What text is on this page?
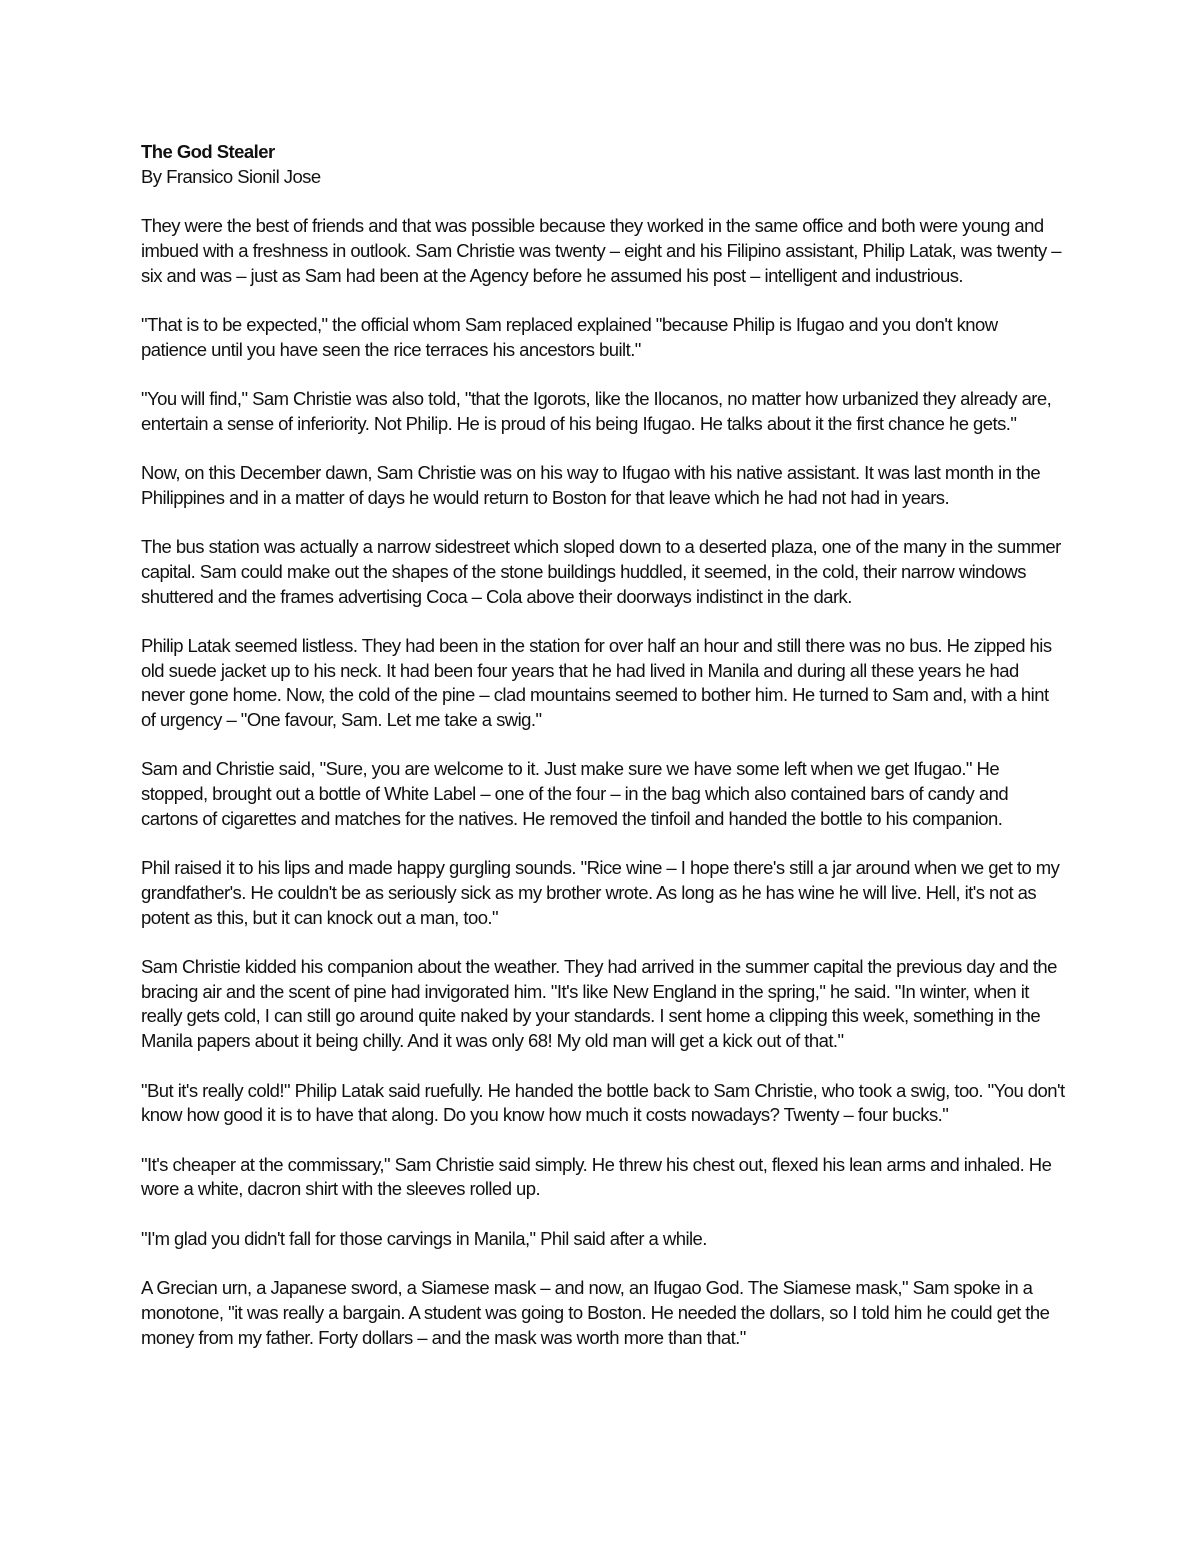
The God Stealer

By Fransico Sionil Jose

They were the best of friends and that was possible because they worked in the same office and both were young and imbued with a freshness in outlook. Sam Christie was twenty – eight and his Filipino assistant, Philip Latak, was twenty – six and was – just as Sam had been at the Agency before he assumed his post – intelligent and industrious.

"That is to be expected," the official whom Sam replaced explained "because Philip is Ifugao and you don't know patience until you have seen the rice terraces his ancestors built."

"You will find," Sam Christie was also told, "that the Igorots, like the Ilocanos, no matter how urbanized they already are, entertain a sense of inferiority. Not Philip. He is proud of his being Ifugao. He talks about it the first chance he gets."

Now, on this December dawn, Sam Christie was on his way to Ifugao with his native assistant. It was last month in the Philippines and in a matter of days he would return to Boston for that leave which he had not had in years.

The bus station was actually a narrow sidestreet which sloped down to a deserted plaza, one of the many in the summer capital. Sam could make out the shapes of the stone buildings huddled, it seemed, in the cold, their narrow windows shuttered and the frames advertising Coca – Cola above their doorways indistinct in the dark.

Philip Latak seemed listless. They had been in the station for over half an hour and still there was no bus. He zipped his old suede jacket up to his neck. It had been four years that he had lived in Manila and during all these years he had never gone home. Now, the cold of the pine – clad mountains seemed to bother him. He turned to Sam and, with a hint of urgency – "One favour, Sam. Let me take a swig."

Sam and Christie said, "Sure, you are welcome to it. Just make sure we have some left when we get Ifugao." He stopped, brought out a bottle of White Label – one of the four – in the bag which also contained bars of candy and cartons of cigarettes and matches for the natives. He removed the tinfoil and handed the bottle to his companion.

Phil raised it to his lips and made happy gurgling sounds. "Rice wine – I hope there's still a jar around when we get to my grandfather's. He couldn't be as seriously sick as my brother wrote. As long as he has wine he will live. Hell, it's not as potent as this, but it can knock out a man, too."

Sam Christie kidded his companion about the weather. They had arrived in the summer capital the previous day and the bracing air and the scent of pine had invigorated him. "It's like New England in the spring," he said. "In winter, when it really gets cold, I can still go around quite naked by your standards. I sent home a clipping this week, something in the Manila papers about it being chilly. And it was only 68! My old man will get a kick out of that."

"But it's really cold!" Philip Latak said ruefully. He handed the bottle back to Sam Christie, who took a swig, too. "You don't know how good it is to have that along. Do you know how much it costs nowadays? Twenty – four bucks."

"It's cheaper at the commissary," Sam Christie said simply. He threw his chest out, flexed his lean arms and inhaled. He wore a white, dacron shirt with the sleeves rolled up.

"I'm glad you didn't fall for those carvings in Manila," Phil said after a while.

A Grecian urn, a Japanese sword, a Siamese mask – and now, an Ifugao God. The Siamese mask," Sam spoke in a monotone, "it was really a bargain. A student was going to Boston. He needed the dollars, so I told him he could get the money from my father. Forty dollars – and the mask was worth more than that."
